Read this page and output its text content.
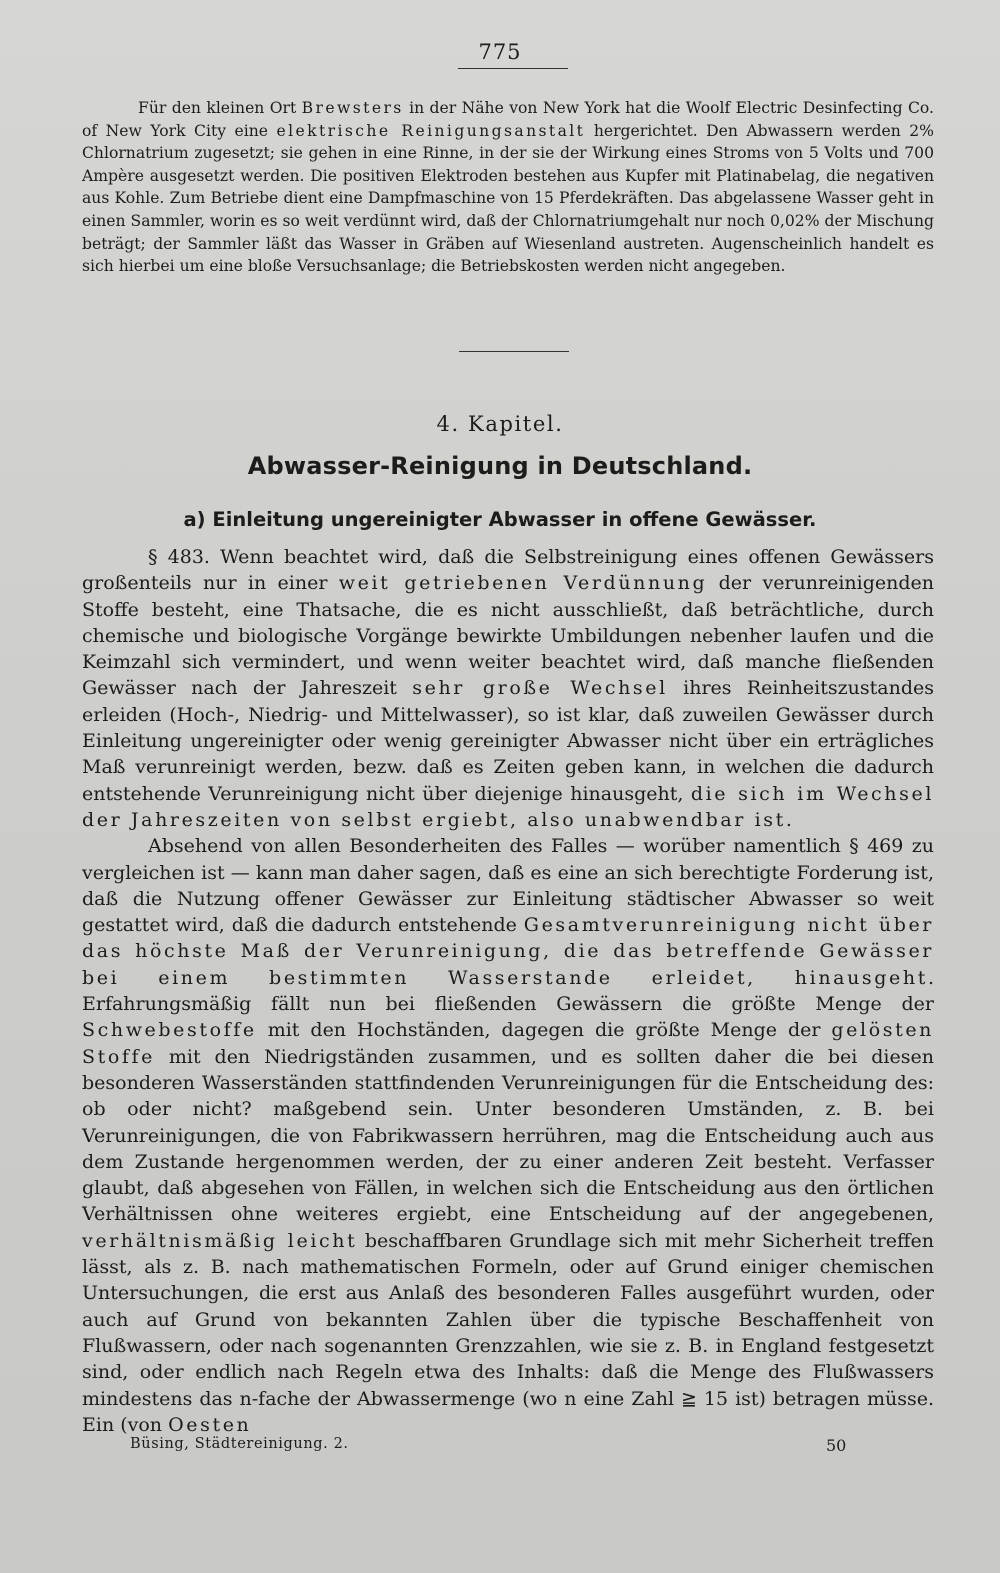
775
Für den kleinen Ort Brewsters in der Nähe von New York hat die Woolf Electric Desinfecting Co. of New York City eine elektrische Reinigungsanstalt hergerichtet. Den Abwassern werden 2% Chlornatrium zugesetzt; sie gehen in eine Rinne, in der sie der Wirkung eines Stroms von 5 Volts und 700 Ampère ausgesetzt werden. Die positiven Elektroden bestehen aus Kupfer mit Platinabelag, die negativen aus Kohle. Zum Betriebe dient eine Dampfmaschine von 15 Pferdekräften. Das abgelassene Wasser geht in einen Sammler, worin es so weit verdünnt wird, daß der Chlornatriumgehalt nur noch 0,02% der Mischung beträgt; der Sammler läßt das Wasser in Gräben auf Wiesenland austreten. Augenscheinlich handelt es sich hierbei um eine bloße Versuchsanlage; die Betriebskosten werden nicht angegeben.
4. Kapitel.
Abwasser-Reinigung in Deutschland.
a) Einleitung ungereinigter Abwasser in offene Gewässer.

§ 483. Wenn beachtet wird, daß die Selbstreinigung eines offenen Gewässers großenteils nur in einer weit getriebenen Verdünnung der verunreinigenden Stoffe besteht, eine Thatsache, die es nicht ausschließt, daß beträchtliche, durch chemische und biologische Vorgänge bewirkte Umbildungen nebenher laufen und die Keimzahl sich vermindert, und wenn weiter beachtet wird, daß manche fließenden Gewässer nach der Jahreszeit sehr große Wechsel ihres Reinheitszustandes erleiden (Hoch-, Niedrig- und Mittelwasser), so ist klar, daß zuweilen Gewässer durch Einleitung ungereinigter oder wenig gereinigter Abwasser nicht über ein erträgliches Maß verunreinigt werden, bezw. daß es Zeiten geben kann, in welchen die dadurch entstehende Verunreinigung nicht über diejenige hinausgeht, die sich im Wechsel der Jahreszeiten von selbst ergiebt, also unabwendbar ist.

Absehend von allen Besonderheiten des Falles — worüber namentlich § 469 zu vergleichen ist — kann man daher sagen, daß es eine an sich berechtigte Forderung ist, daß die Nutzung offener Gewässer zur Einleitung städtischer Abwasser so weit gestattet wird, daß die dadurch entstehende Gesamtverunreinigung nicht über das höchste Maß der Verunreinigung, die das betreffende Gewässer bei einem bestimmten Wasserstande erleidet, hinausgeht. Erfahrungsmäßig fällt nun bei fließenden Gewässern die größte Menge der Schwebestoffe mit den Hochständen, dagegen die größte Menge der gelösten Stoffe mit den Niedrigständen zusammen, und es sollten daher die bei diesen besonderen Wasserständen stattfindenden Verunreinigungen für die Entscheidung des: ob oder nicht? maßgebend sein. Unter besonderen Umständen, z. B. bei Verunreinigungen, die von Fabrikwassern herrühren, mag die Entscheidung auch aus dem Zustande hergenommen werden, der zu einer anderen Zeit besteht. Verfasser glaubt, daß abgesehen von Fällen, in welchen sich die Entscheidung aus den örtlichen Verhältnissen ohne weiteres ergiebt, eine Entscheidung auf der angegebenen, verhältnismäßig leicht beschaffbaren Grundlage sich mit mehr Sicherheit treffen lässt, als z. B. nach mathematischen Formeln, oder auf Grund einiger chemischen Untersuchungen, die erst aus Anlaß des besonderen Falles ausgeführt wurden, oder auch auf Grund von bekannten Zahlen über die typische Beschaffenheit von Flußwassern, oder nach sogenannten Grenzzahlen, wie sie z. B. in England festgesetzt sind, oder endlich nach Regeln etwa des Inhalts: daß die Menge des Flußwassers mindestens das n-fache der Abwassermenge (wo n eine Zahl ≧ 15 ist) betragen müsse. Ein (von Oesten

Büsing, Städtereinigung. 2.	50
